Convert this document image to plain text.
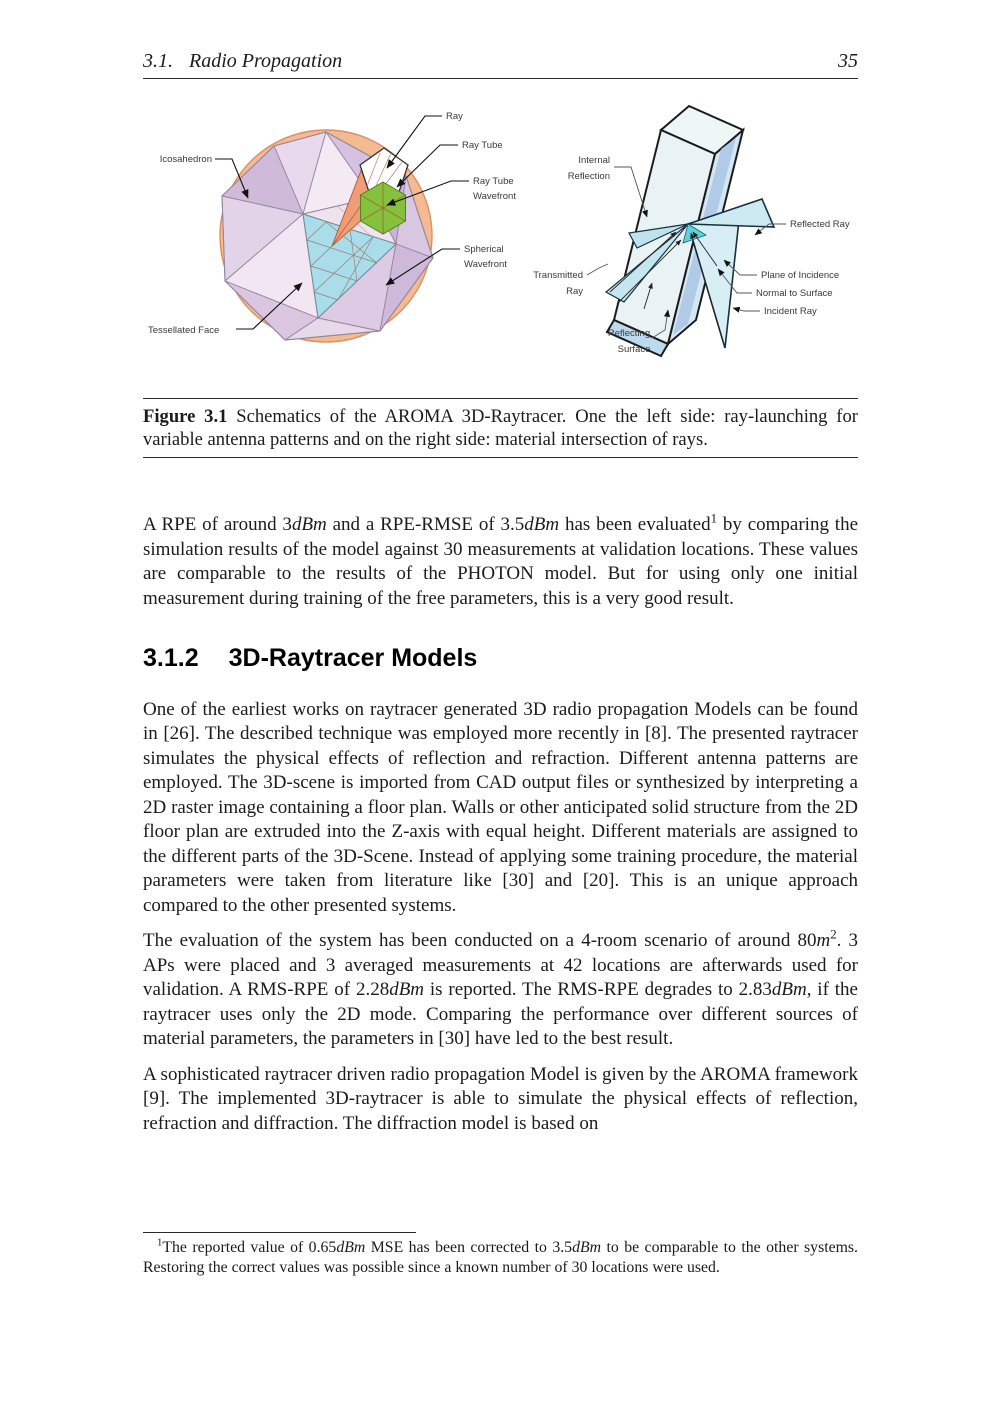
3.1. Radio Propagation	35
Icosahedron
Ray
Ray Tube
Ray Tube
Wavefront
Spherical
Wavefront
Tessellated Face
Internal
Reflection
Reflected Ray
Transmitted
Ray
Plane of Incidence
Normal to Surface
Incident Ray
Reflecting
Surface
Figure 3.1 Schematics of the AROMA 3D-Raytracer. One the left side: ray-launching for variable antenna patterns and on the right side: material intersection of rays.

A RPE of around 3dBm and a RPE-RMSE of 3.5dBm has been evaluated$^1$ by comparing the simulation results of the model against 30 measurements at validation locations. These values are comparable to the results of the PHOTON model. But for using only one initial measurement during training of the free parameters, this is a very good result.

3.1.2 3D-Raytracer Models

One of the earliest works on raytracer generated 3D radio propagation Models can be found in [26]. The described technique was employed more recently in [8]. The presented raytracer simulates the physical effects of reflection and refraction. Different antenna patterns are employed. The 3D-scene is imported from CAD output files or synthesized by interpreting a 2D raster image containing a floor plan. Walls or other anticipated solid structure from the 2D floor plan are extruded into the Z-axis with equal height. Different materials are assigned to the different parts of the 3D-Scene. Instead of applying some training procedure, the material parameters were taken from literature like [30] and [20]. This is an unique approach compared to the other presented systems.

The evaluation of the system has been conducted on a 4-room scenario of around $80m^2$. 3 APs were placed and 3 averaged measurements at 42 locations are afterwards used for validation. A RMS-RPE of 2.28dBm is reported. The RMS-RPE degrades to 2.83dBm, if the raytracer uses only the 2D mode. Comparing the performance over different sources of material parameters, the parameters in [30] have led to the best result.

A sophisticated raytracer driven radio propagation Model is given by the AROMA framework [9]. The implemented 3D-raytracer is able to simulate the physical effects of reflection, refraction and diffraction. The diffraction model is based on

$^1$The reported value of 0.65dBm MSE has been corrected to 3.5dBm to be comparable to the other systems. Restoring the correct values was possible since a known number of 30 locations were used.
